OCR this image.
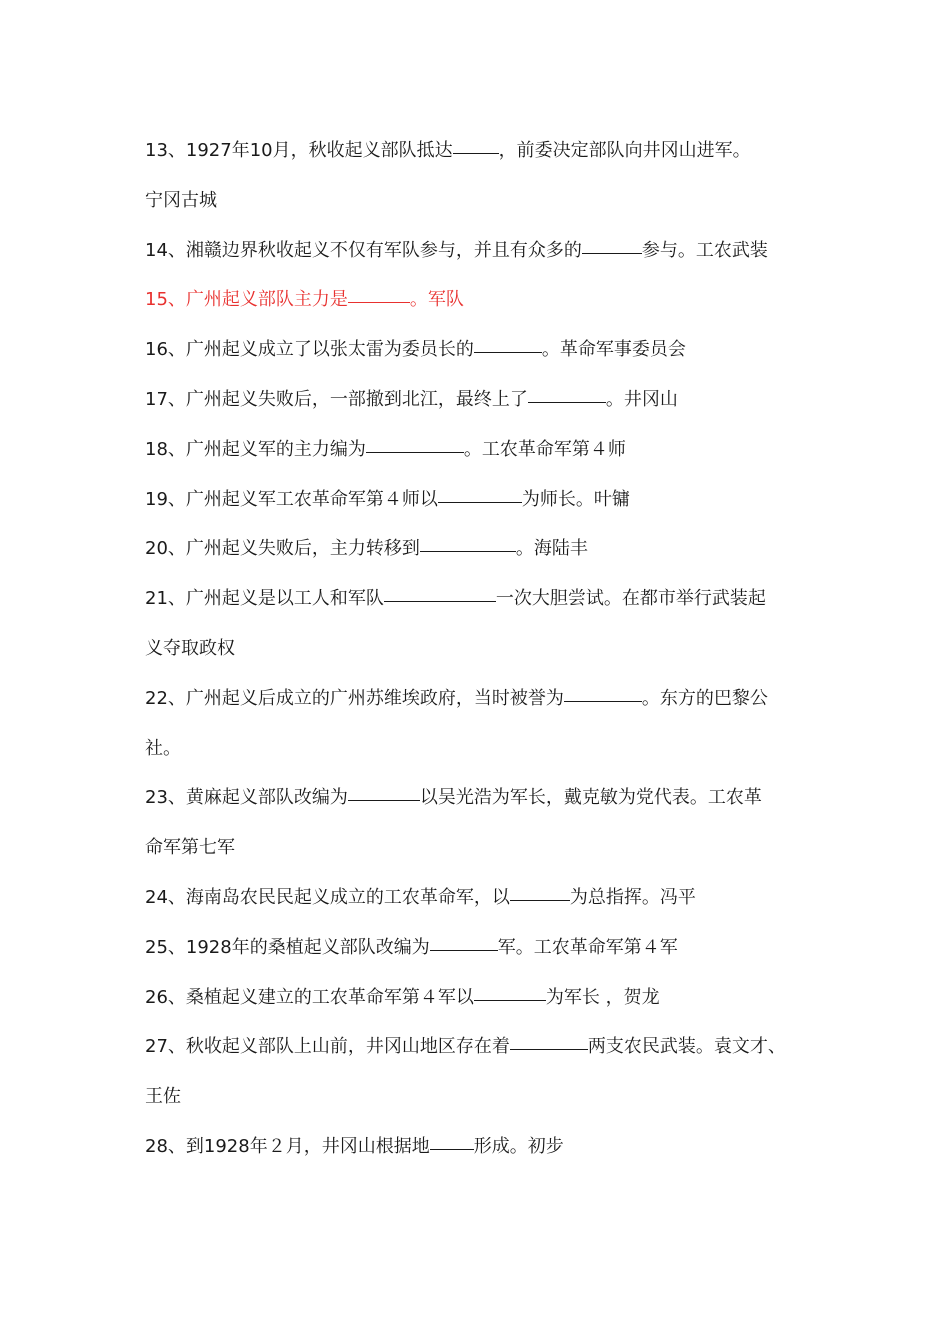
13、1927年10月，秋收起义部队抵达	，前委决定部队向井冈山进军。
宁冈古城
14、湘赣边界秋收起义不仅有军队参与，并且有众多的	参与。工农武装
15、广州起义部队主力是	。军队
16、广州起义成立了以张太雷为委员长的	。革命军事委员会
17、广州起义失败后，一部撤到北江，最终上了	。井冈山
18、广州起义军的主力编为	。工农革命军第４师
19、广州起义军工农革命军第４师以	为师长。叶镛
20、广州起义失败后，主力转移到	。海陆丰
21、广州起义是以工人和军队	一次大胆尝试。在都市举行武装起
义夺取政权
22、广州起义后成立的广州苏维埃政府，当时被誉为	。东方的巴黎公
社。
23、黄麻起义部队改编为	以吴光浩为军长，戴克敏为党代表。工农革
命军第七军
24、海南岛农民民起义成立的工农革命军，以	为总指挥。冯平
25、1928年的桑植起义部队改编为	军。工农革命军第４军
26、桑植起义建立的工农革命军第４军以	为军长 ，贺龙
27、秋收起义部队上山前，井冈山地区存在着	两支农民武装。袁文才、
王佐
28、到1928年２月，井冈山根据地 形成。初步
